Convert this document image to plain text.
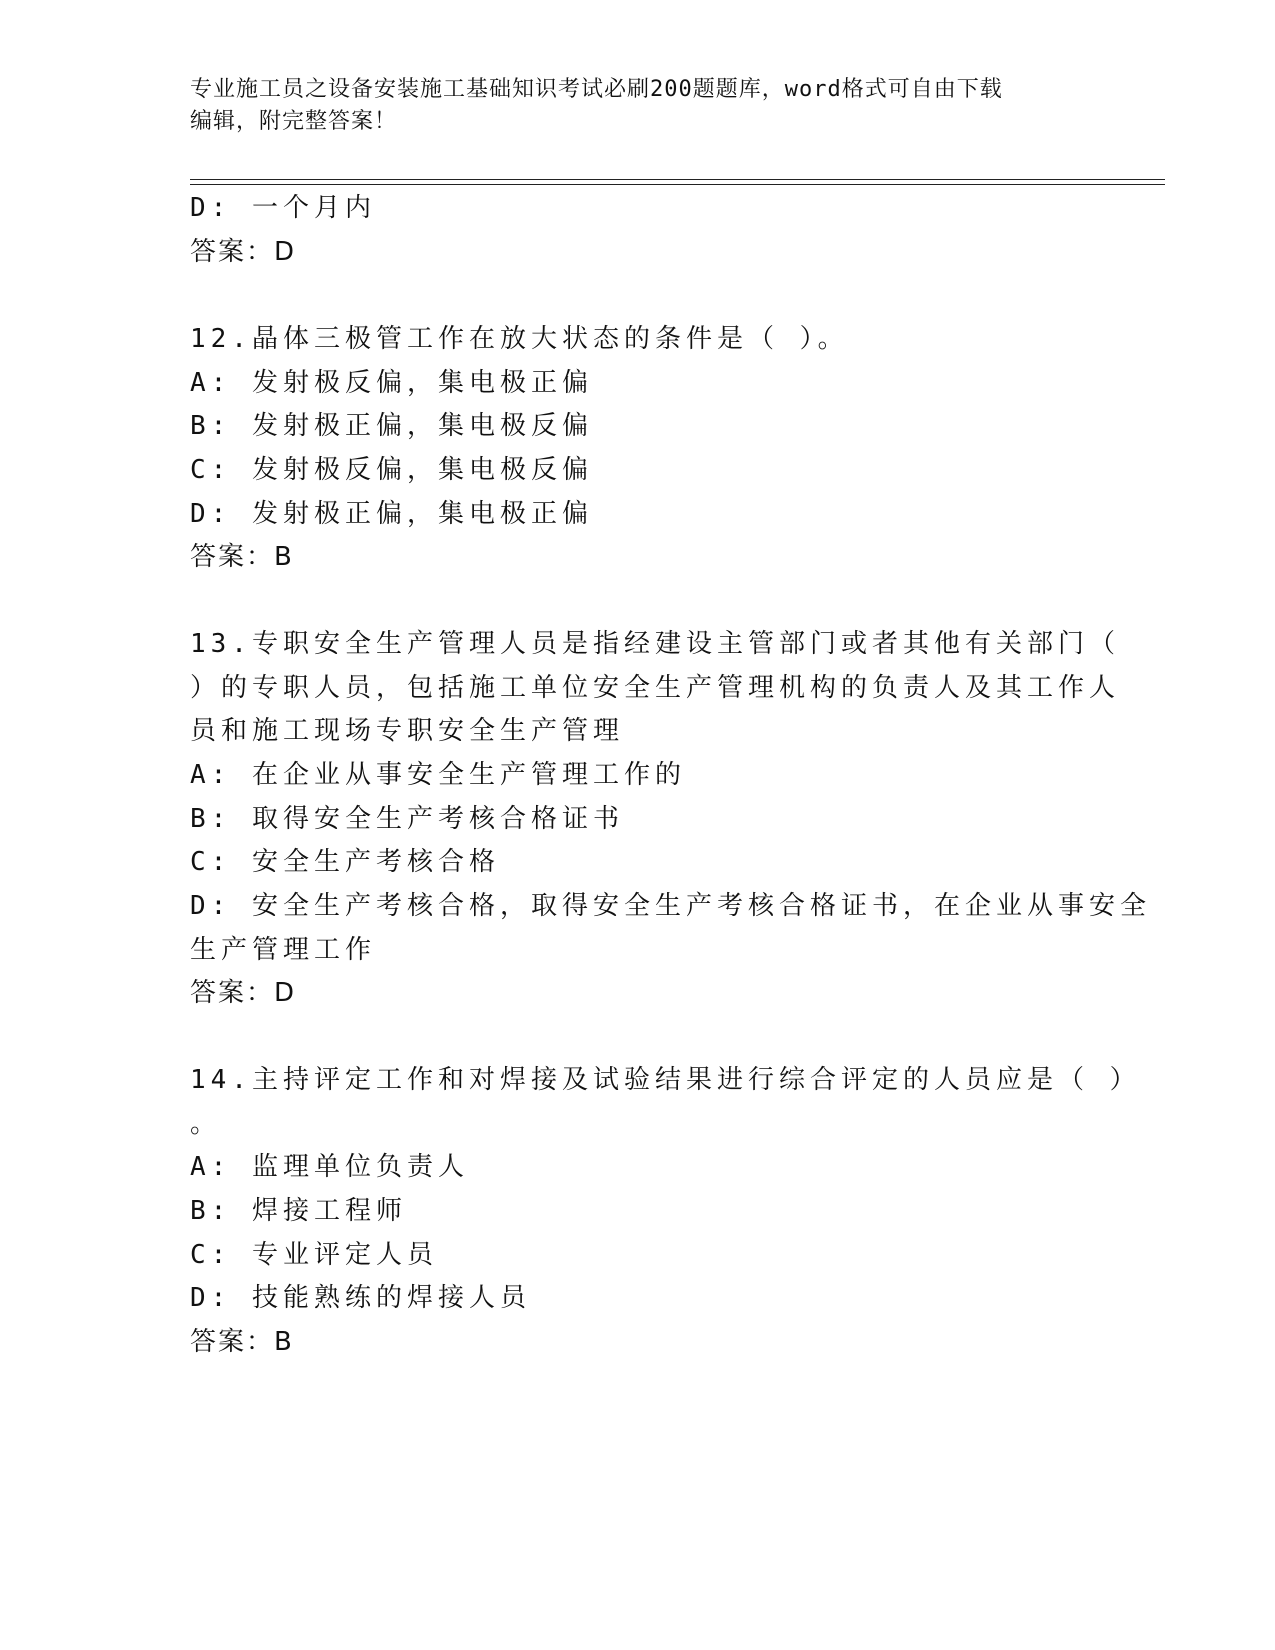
专业施工员之设备安装施工基础知识考试必刷200题题库，word格式可自由下载
编辑，附完整答案！
D: 一个月内
答案：D
12.晶体三极管工作在放大状态的条件是（ ）。
A: 发射极反偏，集电极正偏
B: 发射极正偏，集电极反偏
C: 发射极反偏，集电极反偏
D: 发射极正偏，集电极正偏
答案：B
13.专职安全生产管理人员是指经建设主管部门或者其他有关部门（
）的专职人员，包括施工单位安全生产管理机构的负责人及其工作人
员和施工现场专职安全生产管理
A: 在企业从事安全生产管理工作的
B: 取得安全生产考核合格证书
C: 安全生产考核合格
D: 安全生产考核合格，取得安全生产考核合格证书，在企业从事安全
生产管理工作
答案：D
14.主持评定工作和对焊接及试验结果进行综合评定的人员应是（ ）
。
A: 监理单位负责人
B: 焊接工程师
C: 专业评定人员
D: 技能熟练的焊接人员
答案：B
